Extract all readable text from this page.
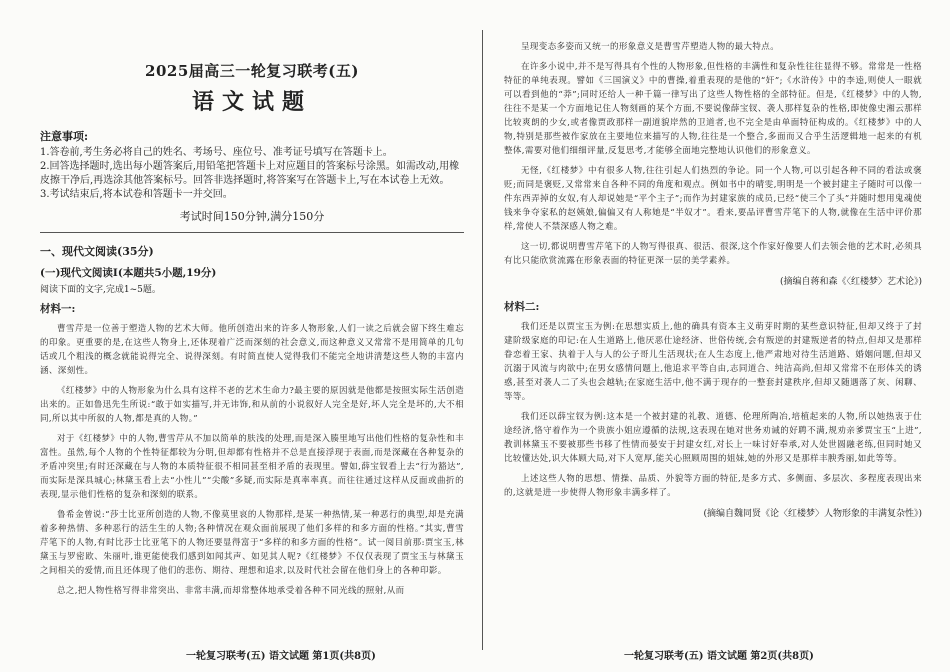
2025届高三一轮复习联考(五)
语文试题
注意事项:
1.答卷前,考生务必将自己的姓名、考场号、座位号、准考证号填写在答题卡上。
2.回答选择题时,选出每小题答案后,用铅笔把答题卡上对应题目的答案标号涂黑。如需改动,用橡皮擦干净后,再选涂其他答案标号。回答非选择题时,将答案写在答题卡上,写在本试卷上无效。
3.考试结束后,将本试卷和答题卡一并交回。
考试时间150分钟,满分150分
一、现代文阅读(35分)
(一)现代文阅读Ⅰ(本题共5小题,19分)
阅读下面的文字,完成1~5题。
材料一:

曹雪芹是一位善于塑造人物的艺术大师。他所创造出来的许多人物形象,人们一读之后就会留下终生难忘的印象。更重要的是,在这些人物身上,还体现着广泛而深刻的社会意义,而这种意义又常常不是用简单的几句话或几个粗浅的概念就能说得完全、说得深刻。有时简直使人觉得我们不能完全地讲清楚这些人物的丰富内涵、深刻性。

《红楼梦》中的人物形象为什么具有这样不老的艺术生命力?最主要的原因就是他都是按照实际生活创造出来的。正如鲁迅先生所说:“敢于如实描写,并无讳饰,和从前的小说叙好人完全是好,坏人完全是坏的,大不相同,所以其中所叙的人物,都是真的人物。”

对于《红楼梦》中的人物,曹雪芹从不加以简单的肤浅的处理,而是深入腠里地写出他们性格的复杂性和丰富性。虽然,每个人物的个性特征都较为分明,但却都有性格并不总是直接浮现于表面,而是深藏在各种复杂的矛盾冲突里;有时还深藏在与人物的本质特征很不相同甚至相矛盾的表现里。譬如,薛宝钗看上去“行为豁达”,而实际是深具城心;林黛玉看上去“小性儿”“尖酸”多疑,而实际是真率率真。而往往通过这样从反面或曲折的表现,显示他们性格的复杂和深刻的联系。

鲁希金曾说:“莎士比亚所创造的人物,不像莫里哀的人物那样,是某一种热情,某一种恶行的典型,却是充满着多种热情、多种恶行的活生生的人物;各种情况在观众面前展现了他们多样的和多方面的性格。”其实,曹雪芹笔下的人物,有时比莎士比亚笔下的人物还要显得富于“多样的和多方面的性格”。试一阅目前那:贾宝玉,林黛玉与罗密欧、朱丽叶,谁更能使我们感到如闻其声、如见其人呢?《红楼梦》不仅仅表现了贾宝玉与林黛玉之间相关的爱情,而且还体现了他们的悲伤、期待、理想和追求,以及时代社会留在他们身上的各种印影。

总之,把人物性格写得非常突出、非常丰满,而却常整体地承受着各种不同光线的照射,从而

一轮复习联考(五) 语文试题 第1页(共8页)

呈现变态多姿而又统一的形象意义是曹雪芹塑造人物的最大特点。

在许多小说中,并不是写得具有个性的人物形象,但性格的丰满性和复杂性往往显得不够。常常是一性格特征的单纯表现。譬如《三国演义》中的曹操,着重表现的是他的“奸”;《水浒传》中的李逵,则使人一眼就可以看到他的“莽”;同时还给人一种千篇一律写出了这些人物性格的全部特征。但是,《红楼梦》中的人物,往往不是某一个方面地记住人物刻画的某个方面,不要说像薛宝钗、袭人那样复杂的性格,即使像史湘云那样比较爽朗的少女,或者像贾政那样一副道貌岸然的卫道者,也不完全是由单面特征构成的。《红楼梦》中的人物,特别是那些被作家放在主要地位来描写的人物,往往是一个整合,多面而又合乎生活逻辑地一起来的有机整体,需要对他们细细评量,反复思考,才能够全面地完整地认识他们的形象意义。

无怪,《红楼梦》中有很多人物,往往引起人们热烈的争论。同一个人物,可以引起各种不同的看法或褒贬;而同是褒贬,又常常来自各种不同的角度和观点。例如书中的晴雯,明明是一个被封建主子随时可以像一件东西弄掉的女奴,有人却说她是“平个主子”;而作为封建家族的成员,已经“使三个了头”并随时想用鬼魂使钱来争夺家私的赵姨娘,偏偏又有人称她是“半奴才”。看来,要品评曹雪芹笔下的人物,就像在生活中评价那样,常使人不禁深感人物之难。

这一切,都说明曹雪芹笔下的人物写得很真、很活、很深,这个作家好像要人们去领会他的艺术时,必须具有比只能欣赏流露在形象表面的特征更深一层的美学素养。

(摘编自蒋和森《〈红楼梦〉艺术论》)
材料二:

我们还是以贾宝玉为例:在思想实质上,他的确具有资本主义萌芽时期的某些意识特征,但却又终于了封建阶级家庭的印记:在人生道路上,他厌恶仕途经济、世俗传统,会有叛逆的封建叛逆者的特点,但却又是那样眷恋着王家、执着于人与人的公子哥儿生活现状;在人生态度上,他严肃地对待生活道路、婚姻问题,但却又沉溺于风流与肉欲中;在男女感情问题上,他追求平等自由,志同道合、纯洁高尚,但却又常常不在形体关的诱惑,甚至对袭人二了头也会越轨;在家庭生活中,他不满于现存的一整套封建秩序,但却又随遇落了灰、闲聊、等等。

我们还以薛宝钗为例:这本是一个被封建的礼教、道德、伦理所陶冶,培植起来的人物,所以她热衷于仕途经济,恪守着作为一个贵族小姐应遵循的法规,这表现在她对世务劝诫的好聘不满,规劝亲爹贾宝玉“上进”,教训林黛玉不要被那些书移了性情而晏安于封建女红,对长上一味讨好奉承,对人处世圆融老练,但同时她又比较懂达处,识大体顾大局,对下人宽厚,能关心照顾周围的姐妹,她的外形又是那样丰腴秀丽,如此等等。

上述这些人物的思想、情操、品质、外貌等方面的特征,是多方式、多侧面、多层次、多程度表现出来的,这就是进一步使得人物形象丰满多样了。

(摘编自魏同贤《论〈红楼梦〉人物形象的丰满复杂性》)
一轮复习联考(五) 语文试题 第2页(共8页)
